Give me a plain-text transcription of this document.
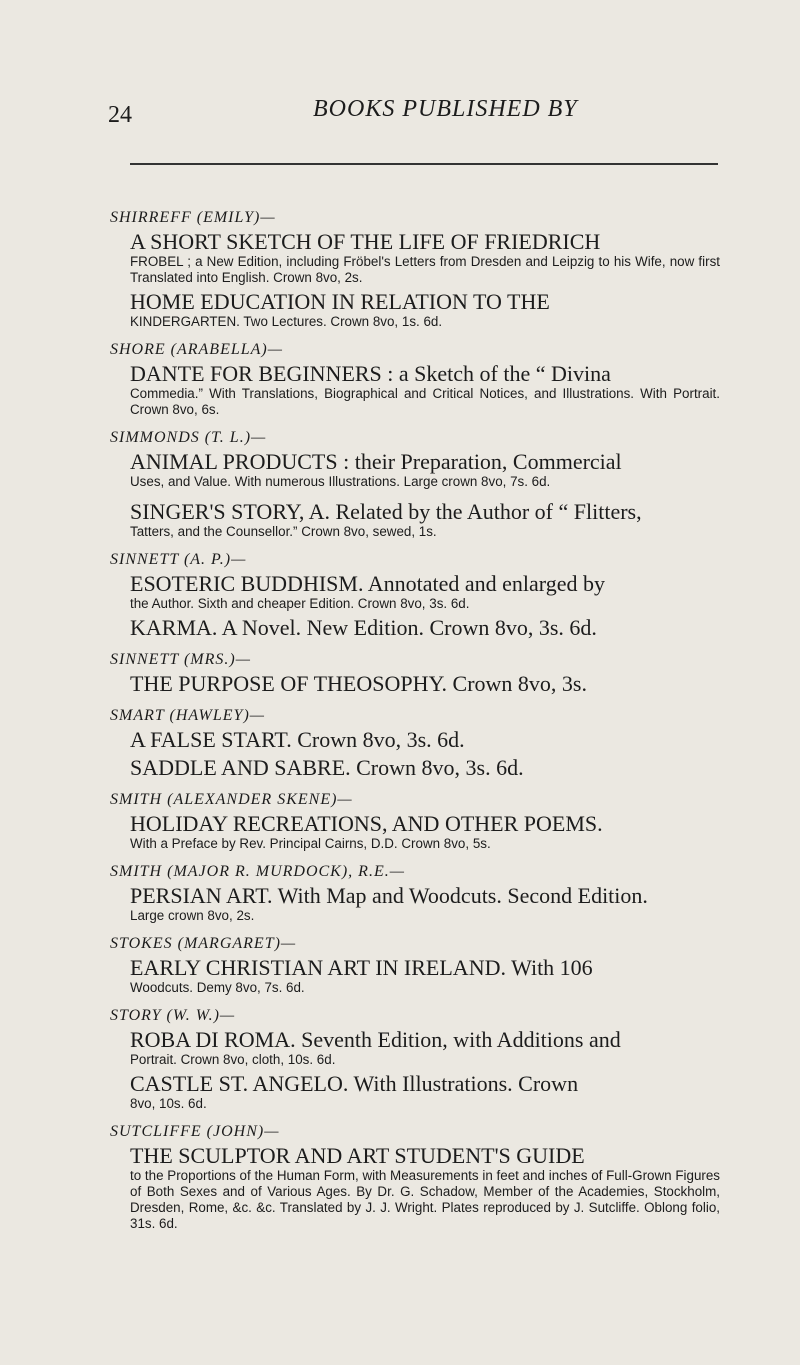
24	BOOKS PUBLISHED BY
SHIRREFF (EMILY)—
A SHORT SKETCH OF THE LIFE OF FRIEDRICH
FROBEL ; a New Edition, including Fröbel's Letters from Dresden and Leipzig to his Wife, now first Translated into English. Crown 8vo, 2s.
HOME EDUCATION IN RELATION TO THE
KINDERGARTEN. Two Lectures. Crown 8vo, 1s. 6d.
SHORE (ARABELLA)—
DANTE FOR BEGINNERS : a Sketch of the “ Divina
Commedia.” With Translations, Biographical and Critical Notices, and Illustrations. With Portrait. Crown 8vo, 6s.
SIMMONDS (T. L.)—
ANIMAL PRODUCTS : their Preparation, Commercial
Uses, and Value. With numerous Illustrations. Large crown 8vo, 7s. 6d.
SINGER'S STORY, A. Related by the Author of “ Flitters,
Tatters, and the Counsellor.” Crown 8vo, sewed, 1s.
SINNETT (A. P.)—
ESOTERIC BUDDHISM. Annotated and enlarged by
the Author. Sixth and cheaper Edition. Crown 8vo, 3s. 6d.
KARMA. A Novel. New Edition. Crown 8vo, 3s. 6d.
SINNETT (MRS.)—
THE PURPOSE OF THEOSOPHY. Crown 8vo, 3s.
SMART (HAWLEY)—
A FALSE START. Crown 8vo, 3s. 6d.
SADDLE AND SABRE. Crown 8vo, 3s. 6d.
SMITH (ALEXANDER SKENE)—
HOLIDAY RECREATIONS, AND OTHER POEMS.
With a Preface by Rev. Principal Cairns, D.D. Crown 8vo, 5s.
SMITH (MAJOR R. MURDOCK), R.E.—
PERSIAN ART. With Map and Woodcuts. Second Edition.
Large crown 8vo, 2s.
STOKES (MARGARET)—
EARLY CHRISTIAN ART IN IRELAND. With 106
Woodcuts. Demy 8vo, 7s. 6d.
STORY (W. W.)—
ROBA DI ROMA. Seventh Edition, with Additions and
Portrait. Crown 8vo, cloth, 10s. 6d.
CASTLE ST. ANGELO. With Illustrations. Crown
8vo, 10s. 6d.
SUTCLIFFE (JOHN)—
THE SCULPTOR AND ART STUDENT'S GUIDE
to the Proportions of the Human Form, with Measurements in feet and inches of Full-Grown Figures of Both Sexes and of Various Ages. By Dr. G. Schadow, Member of the Academies, Stockholm, Dresden, Rome, &c. &c. Translated by J. J. Wright. Plates reproduced by J. Sutcliffe. Oblong folio, 31s. 6d.
